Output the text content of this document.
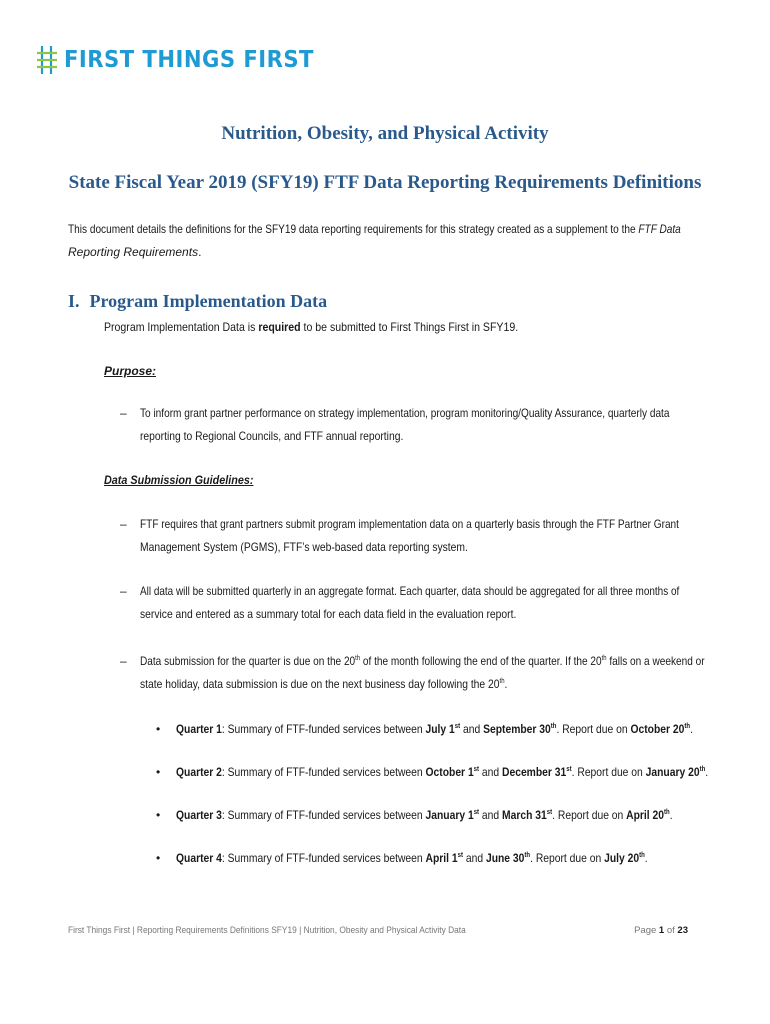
FIRST THINGS FIRST
Nutrition, Obesity, and Physical Activity
State Fiscal Year 2019 (SFY19) FTF Data Reporting Requirements Definitions
This document details the definitions for the SFY19 data reporting requirements for this strategy created as a supplement to the FTF Data
Reporting Requirements.
I. Program Implementation Data
Program Implementation Data is required to be submitted to First Things First in SFY19.
Purpose:
– To inform grant partner performance on strategy implementation, program monitoring/Quality Assurance, quarterly data
reporting to Regional Councils, and FTF annual reporting.
Data Submission Guidelines:
– FTF requires that grant partners submit program implementation data on a quarterly basis through the FTF Partner Grant
Management System (PGMS), FTF’s web-based data reporting system.
– All data will be submitted quarterly in an aggregate format. Each quarter, data should be aggregated for all three months of
service and entered as a summary total for each data field in the evaluation report.
– Data submission for the quarter is due on the 20th of the month following the end of the quarter. If the 20th falls on a weekend or
state holiday, data submission is due on the next business day following the 20th.
• Quarter 1: Summary of FTF-funded services between July 1st and September 30th. Report due on October 20th.
• Quarter 2: Summary of FTF-funded services between October 1st and December 31st. Report due on January 20th.
• Quarter 3: Summary of FTF-funded services between January 1st and March 31st. Report due on April 20th.
• Quarter 4: Summary of FTF-funded services between April 1st and June 30th. Report due on July 20th.
First Things First | Reporting Requirements Definitions SFY19 | Nutrition, Obesity and Physical Activity Data	Page 1 of 23
